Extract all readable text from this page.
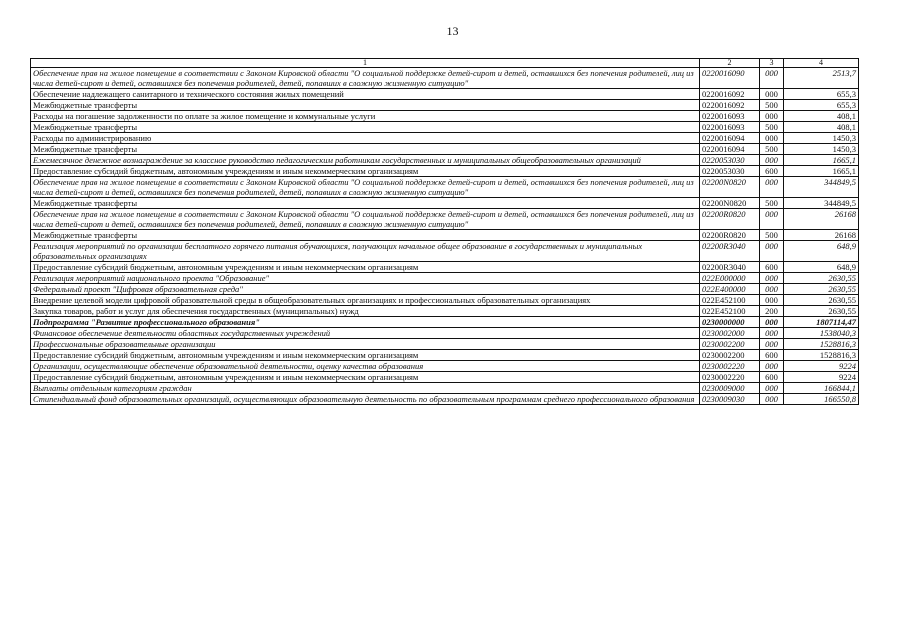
13
1	2	3	4
Обеспечение прав на жилое помещение в соответствии с Законом Кировской области "О социальной поддержке детей-сирот и детей, оставшихся без попечения родителей, лиц из числа детей-сирот и детей, оставшихся без попечения родителей, детей, попавших в сложную жизненную ситуацию"	0220016090	000	2513,7
Обеспечение надлежащего санитарного и технического состояния жилых помещений	0220016092	000	655,3
Межбюджетные трансферты	0220016092	500	655,3
Расходы на погашение задолженности по оплате за жилое помещение и коммунальные услуги	0220016093	000	408,1
Межбюджетные трансферты	0220016093	500	408,1
Расходы по администрированию	0220016094	000	1450,3
Межбюджетные трансферты	0220016094	500	1450,3
Ежемесячное денежное вознаграждение за классное руководство педагогическим работникам государственных и муниципальных общеобразовательных организаций	0220053030	000	1665,1
Предоставление субсидий бюджетным, автономным учреждениям и иным некоммерческим организациям	0220053030	600	1665,1
Обеспечение прав на жилое помещение в соответствии с Законом Кировской области "О социальной поддержке детей-сирот и детей, оставшихся без попечения родителей, лиц из числа детей-сирот и детей, оставшихся без попечения родителей, детей, попавших в сложную жизненную ситуацию"	02200N0820	000	344849,5
Межбюджетные трансферты	02200N0820	500	344849,5
Обеспечение прав на жилое помещение в соответствии с Законом Кировской области "О социальной поддержке детей-сирот и детей, оставшихся без попечения родителей, лиц из числа детей-сирот и детей, оставшихся без попечения родителей, детей, попавших в сложную жизненную ситуацию"	02200R0820	000	26168
Межбюджетные трансферты	02200R0820	500	26168
Реализация мероприятий по организации бесплатного горячего питания обучающихся, получающих начальное общее образование в государственных и муниципальных образовательных организациях	02200R3040	000	648,9
Предоставление субсидий бюджетным, автономным учреждениям и иным некоммерческим организациям	02200R3040	600	648,9
Реализация мероприятий национального проекта "Образование"	022E000000	000	2630,55
Федеральный проект "Цифровая образовательная среда"	022E400000	000	2630,55
Внедрение целевой модели цифровой образовательной среды в общеобразовательных организациях и профессиональных образовательных организациях	022E452100	000	2630,55
Закупка товаров, работ и услуг для обеспечения государственных (муниципальных) нужд	022E452100	200	2630,55
Подпрограмма "Развитие профессионального образования"	0230000000	000	1807114,47
Финансовое обеспечение деятельности областных государственных учреждений	0230002000	000	1538040,3
Профессиональные образовательные организации	0230002200	000	1528816,3
Предоставление субсидий бюджетным, автономным учреждениям и иным некоммерческим организациям	0230002200	600	1528816,3
Организации, осуществляющие обеспечение образовательной деятельности, оценку качества образования	0230002220	000	9224
Предоставление субсидий бюджетным, автономным учреждениям и иным некоммерческим организациям	0230002220	600	9224
Выплаты отдельным категориям граждан	0230009000	000	166844,1
Стипендиальный фонд образовательных организаций, осуществляющих образовательную деятельность по образовательным программам среднего профессионального образования	0230009030	000	166550,8
